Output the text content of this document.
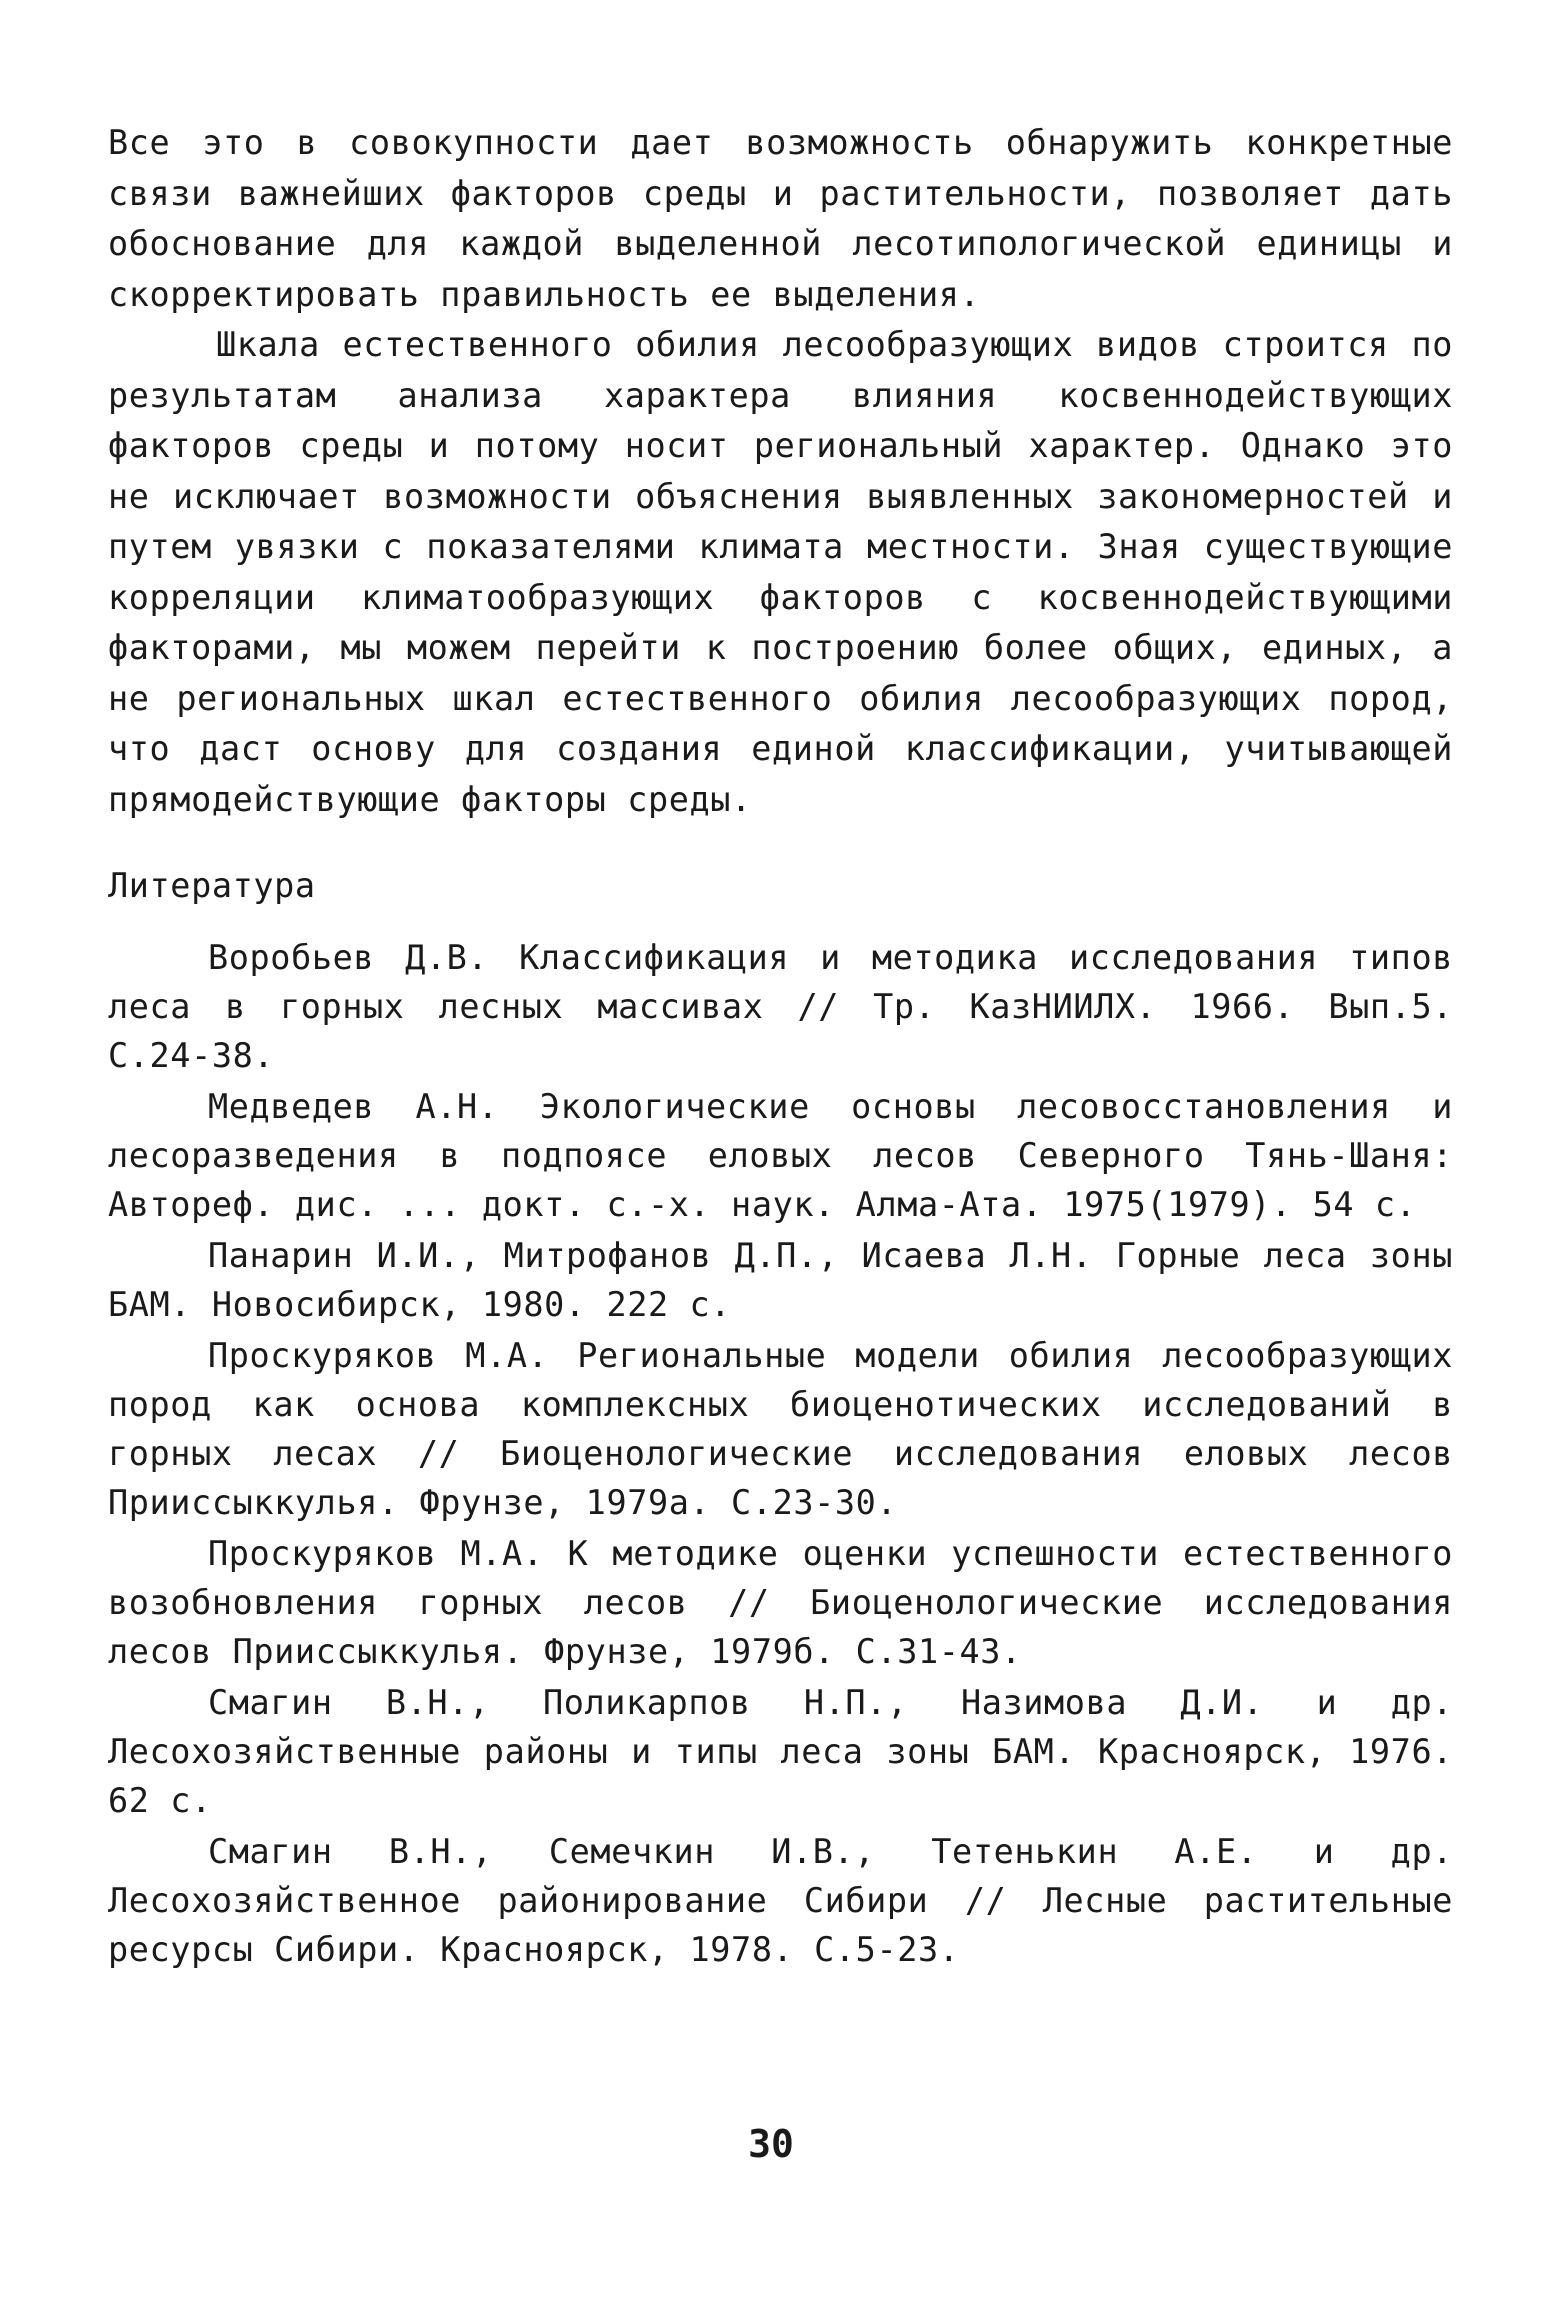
Все это в совокупности дает возможность обнаружить конкретные связи важнейших факторов среды и растительности, позволяет дать обоснование для каждой выделенной лесотипологической единицы и скорректировать правильность ее выделения.

Шкала естественного обилия лесообразующих видов строится по результатам анализа характера влияния косвеннодействующих факторов среды и потому носит региональный характер. Однако это не исключает возможности объяснения выявленных закономерностей и путем увязки с показателями климата местности. Зная существующие корреляции климатообразующих факторов с косвеннодействующими факторами, мы можем перейти к построению более общих, единых, а не региональных шкал естественного обилия лесообразующих пород, что даст основу для создания единой классификации, учитывающей прямодействующие факторы среды.

Литература

Воробьев Д.В. Классификация и методика исследования типов леса в горных лесных массивах // Тр. КазНИИЛХ. 1966. Вып.5. С.24-38.

Медведев А.Н. Экологические основы лесовосстановления и лесоразведения в подпоясе еловых лесов Северного Тянь-Шаня: Автореф. дис. ... докт. с.-х. наук. Алма-Ата. 1975(1979). 54 с.

Панарин И.И., Митрофанов Д.П., Исаева Л.Н. Горные леса зоны БАМ. Новосибирск, 1980. 222 с.

Проскуряков М.А. Региональные модели обилия лесообразующих пород как основа комплексных биоценотических исследований в горных лесах // Биоценологические исследования еловых лесов Прииссыккулья. Фрунзе, 1979а. С.23-30.

Проскуряков М.А. К методике оценки успешности естественного возобновления горных лесов // Биоценологические исследования лесов Прииссыккулья. Фрунзе, 1979б. С.31-43.

Смагин В.Н., Поликарпов Н.П., Назимова Д.И. и др. Лесохозяйственные районы и типы леса зоны БАМ. Красноярск, 1976. 62 с.

Смагин В.Н., Семечкин И.В., Тетенькин А.Е. и др. Лесохозяйственное районирование Сибири // Лесные растительные ресурсы Сибири. Красноярск, 1978. С.5-23.

30
